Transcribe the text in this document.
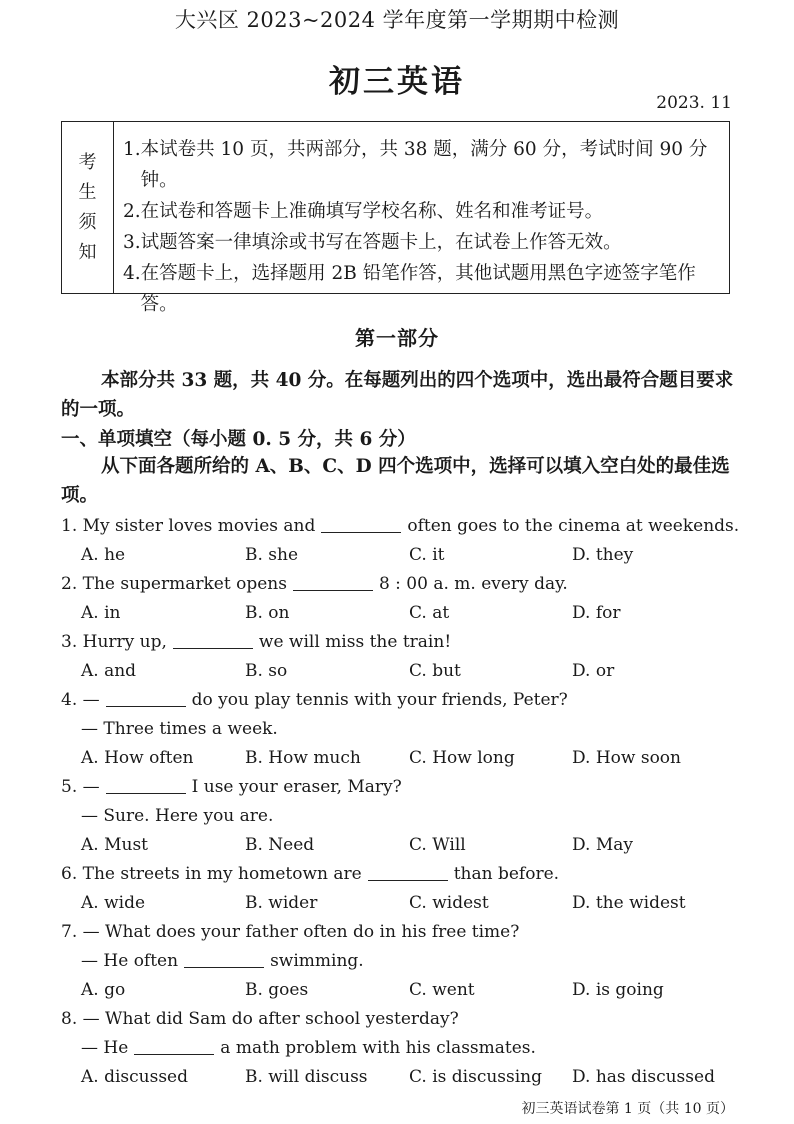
大兴区 2023~2024 学年度第一学期期中检测
初三英语
2023. 11
考
生
须
知
1. 本试卷共 10 页，共两部分，共 38 题，满分 60 分，考试时间 90 分钟。
2. 在试卷和答题卡上准确填写学校名称、姓名和准考证号。
3. 试题答案一律填涂或书写在答题卡上，在试卷上作答无效。
4. 在答题卡上，选择题用 2B 铅笔作答，其他试题用黑色字迹签字笔作答。
第一部分
本部分共 33 题，共 40 分。在每题列出的四个选项中，选出最符合题目要求的一项。
一、单项填空（每小题 0. 5 分，共 6 分）
从下面各题所给的 A、B、C、D 四个选项中，选择可以填入空白处的最佳选项。
1. My sister loves movies and	often goes to the cinema at weekends.
A. he	B. she	C. it	D. they
2. The supermarket opens	8 : 00 a. m. every day.
A. in	B. on	C. at	D. for
3. Hurry up,	we will miss the train!
A. and	B. so	C. but	D. or
4. —	do you play tennis with your friends, Peter?
— Three times a week.
A. How often	B. How much	C. How long	D. How soon
5. —	I use your eraser, Mary?
— Sure. Here you are.
A. Must	B. Need	C. Will	D. May
6. The streets in my hometown are	than before.
A. wide	B. wider	C. widest	D. the widest
7. — What does your father often do in his free time?
— He often	swimming.
A. go	B. goes	C. went	D. is going
8. — What did Sam do after school yesterday?
— He	a math problem with his classmates.
A. discussed	B. will discuss C. is discussing D. has discussed
初三英语试卷第 1 页（共 10 页）
